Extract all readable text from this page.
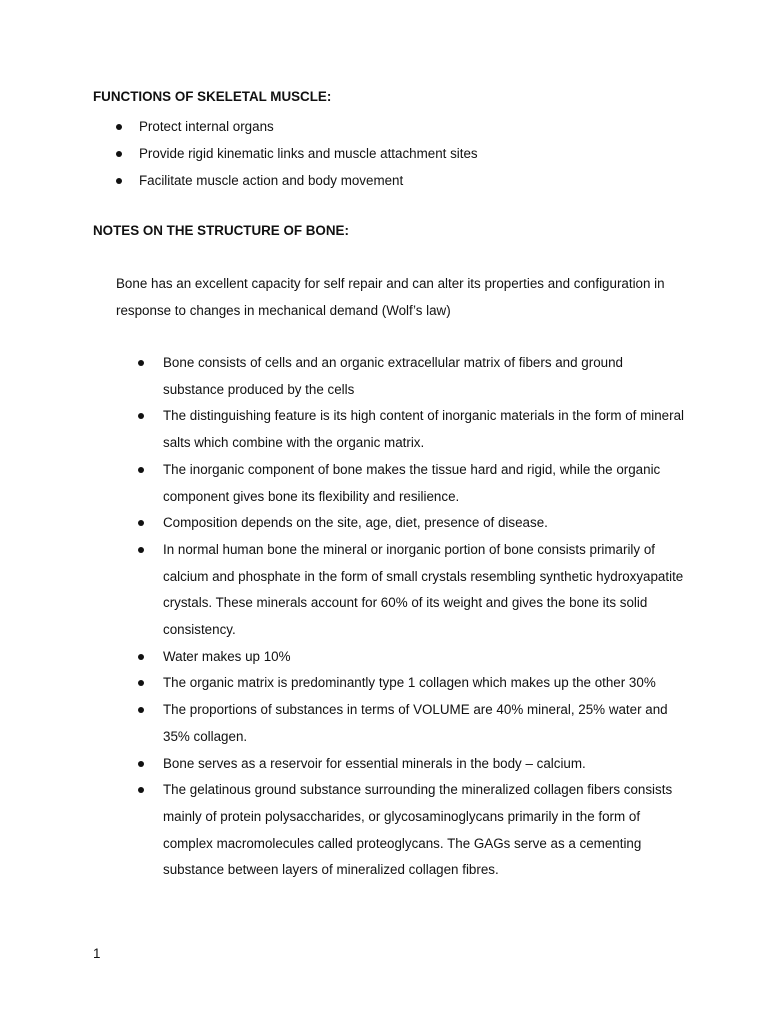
FUNCTIONS OF SKELETAL MUSCLE:
Protect internal organs
Provide rigid kinematic links and muscle attachment sites
Facilitate muscle action and body movement
NOTES ON THE STRUCTURE OF BONE:

Bone has an excellent capacity for self repair and can alter its properties and configuration in response to changes in mechanical demand (Wolf’s law)

Bone consists of cells and an organic extracellular matrix of fibers and ground substance produced by the cells
The distinguishing feature is its high content of inorganic materials in the form of mineral salts which combine with the organic matrix.
The inorganic component of bone makes the tissue hard and rigid, while the organic component gives bone its flexibility and resilience.
Composition depends on the site, age, diet, presence of disease.
In normal human bone the mineral or inorganic portion of bone consists primarily of calcium and phosphate in the form of small crystals resembling synthetic hydroxyapatite crystals. These minerals account for 60% of its weight and gives the bone its solid consistency.
Water makes up 10%
The organic matrix is predominantly type 1 collagen which makes up the other 30%
The proportions of substances in terms of VOLUME are 40% mineral, 25% water and 35% collagen.
Bone serves as a reservoir for essential minerals in the body – calcium.
The gelatinous ground substance surrounding the mineralized collagen fibers consists mainly of protein polysaccharides, or glycosaminoglycans primarily in the form of complex macromolecules called proteoglycans. The GAGs serve as a cementing substance between layers of mineralized collagen fibres.

1
